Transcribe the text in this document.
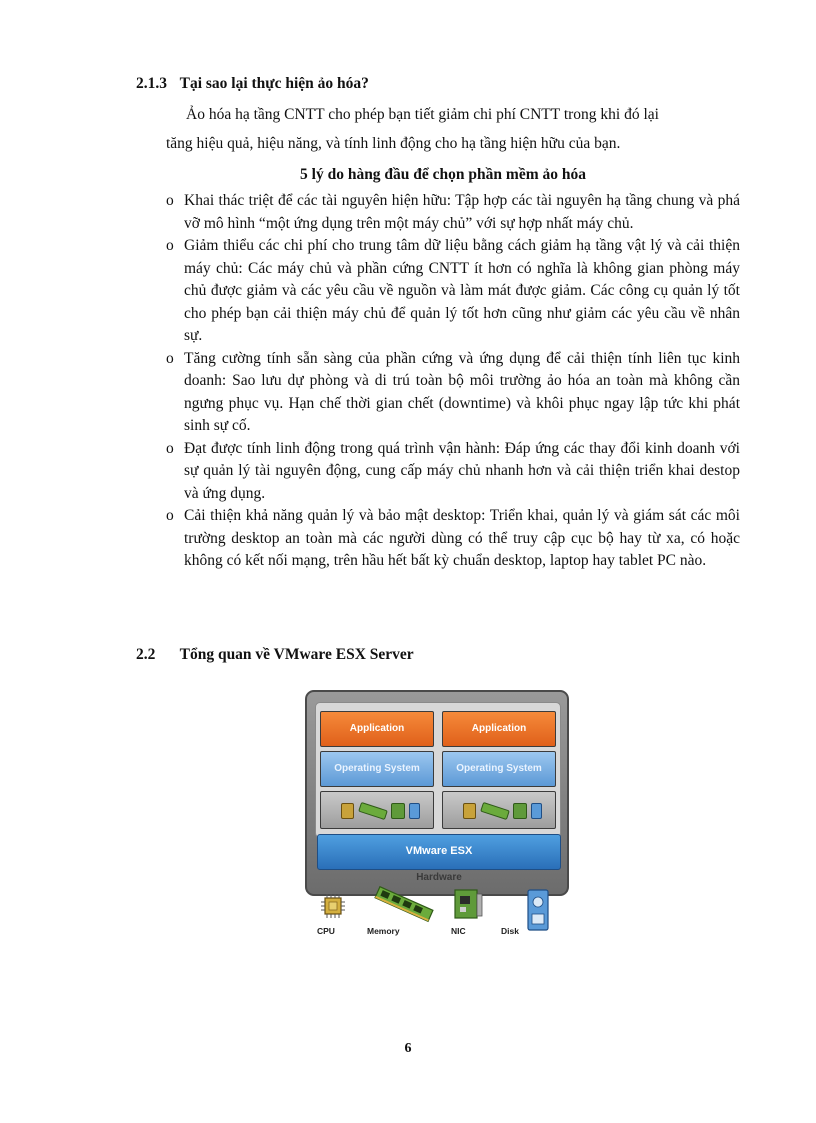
2.1.3 Tại sao lại thực hiện ảo hóa?
Ảo hóa hạ tầng CNTT cho phép bạn tiết giảm chi phí CNTT trong khi đó lại
tăng hiệu quả, hiệu năng, và tính linh động cho hạ tầng hiện hữu của bạn.
5 lý do hàng đầu để chọn phần mềm ảo hóa
o Khai thác triệt để các tài nguyên hiện hữu: Tập hợp các tài nguyên hạ tầng chung và phá vỡ mô hình “một ứng dụng trên một máy chủ” với sự hợp nhất máy chủ.
o Giảm thiểu các chi phí cho trung tâm dữ liệu bằng cách giảm hạ tầng vật lý và cải thiện máy chủ: Các máy chủ và phần cứng CNTT ít hơn có nghĩa là không gian phòng máy chủ được giảm và các yêu cầu về nguồn và làm mát được giảm. Các công cụ quản lý tốt cho phép bạn cải thiện máy chủ để quản lý tốt hơn cũng như giảm các yêu cầu về nhân sự.
o Tăng cường tính sẵn sàng của phần cứng và ứng dụng để cải thiện tính liên tục kinh doanh: Sao lưu dự phòng và di trú toàn bộ môi trường ảo hóa an toàn mà không cần ngưng phục vụ. Hạn chế thời gian chết (downtime) và khôi phục ngay lập tức khi phát sinh sự cố.
o Đạt được tính linh động trong quá trình vận hành: Đáp ứng các thay đổi kinh doanh với sự quản lý tài nguyên động, cung cấp máy chủ nhanh hơn và cải thiện triển khai destop và ứng dụng.
o Cải thiện khả năng quản lý và bảo mật desktop: Triển khai, quản lý và giám sát các môi trường desktop an toàn mà các người dùng có thể truy cập cục bộ hay từ xa, có hoặc không có kết nối mạng, trên hầu hết bất kỳ chuẩn desktop, laptop hay tablet PC nào.
2.2 Tổng quan về VMware ESX Server
Application
Operating System
Application
Operating System
VMware ESX
Hardware
CPU	Memory	NIC	Disk
6
